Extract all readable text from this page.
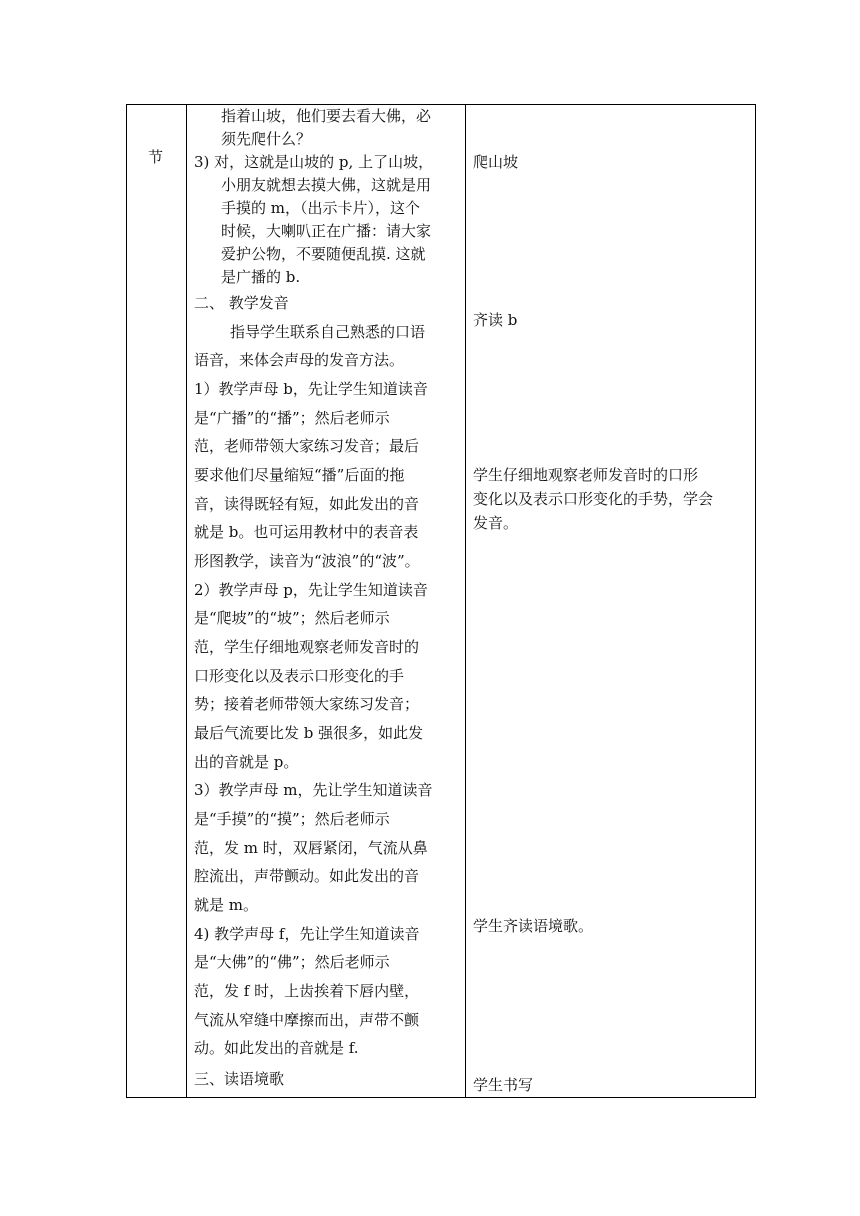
节
指着山坡，他们要去看大佛，必
须先爬什么？
3) 对，这就是山坡的 p, 上了山坡，
小朋友就想去摸大佛，这就是用
手摸的 m，（出示卡片），这个
时候，大喇叭正在广播：请大家
爱护公物，不要随便乱摸. 这就
是广播的 b.
二、 教学发音
指导学生联系自己熟悉的口语
语音，来体会声母的发音方法。
1）教学声母 b，先让学生知道读音
是“广播”的“播”；然后老师示
范，老师带领大家练习发音；最后
要求他们尽量缩短“播”后面的拖
音，读得既轻有短，如此发出的音
就是 b。也可运用教材中的表音表
形图教学，读音为“波浪”的“波”。
2）教学声母 p，先让学生知道读音
是“爬坡”的“坡”；然后老师示
范，学生仔细地观察老师发音时的
口形变化以及表示口形变化的手
势；接着老师带领大家练习发音；
最后气流要比发 b 强很多，如此发
出的音就是 p。
3）教学声母 m，先让学生知道读音
是“手摸”的“摸”；然后老师示
范，发 m 时，双唇紧闭，气流从鼻
腔流出，声带颤动。如此发出的音
就是 m。
4) 教学声母 f，先让学生知道读音
是“大佛”的“佛”；然后老师示
范，发 f 时，上齿挨着下唇内壁，
气流从窄缝中摩擦而出，声带不颤
动。如此发出的音就是 f.
三、读语境歌
爬山坡
齐读 b
学生仔细地观察老师发音时的口形
变化以及表示口形变化的手势，学会
发音。
学生齐读语境歌。
学生书写
